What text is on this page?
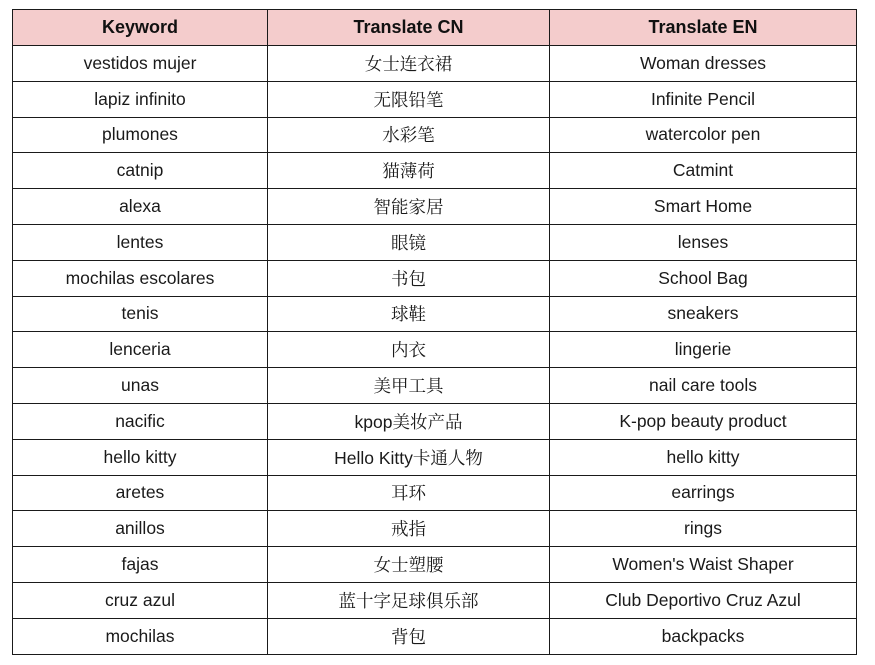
Keyword	Translate CN	Translate EN
vestidos mujer	女士连衣裙	Woman dresses
lapiz infinito	无限铅笔	Infinite Pencil
plumones	水彩笔	watercolor pen
catnip	猫薄荷	Catmint
alexa	智能家居	Smart Home
lentes	眼镜	lenses
mochilas escolares	书包	School Bag
tenis	球鞋	sneakers
lenceria	内衣	lingerie
unas	美甲工具	nail care tools
nacific	kpop美妆产品	K-pop beauty product
hello kitty	Hello Kitty卡通人物	hello kitty
aretes	耳环	earrings
anillos	戒指	rings
fajas	女士塑腰	Women's Waist Shaper
cruz azul	蓝十字足球俱乐部	Club Deportivo Cruz Azul
mochilas	背包	backpacks
